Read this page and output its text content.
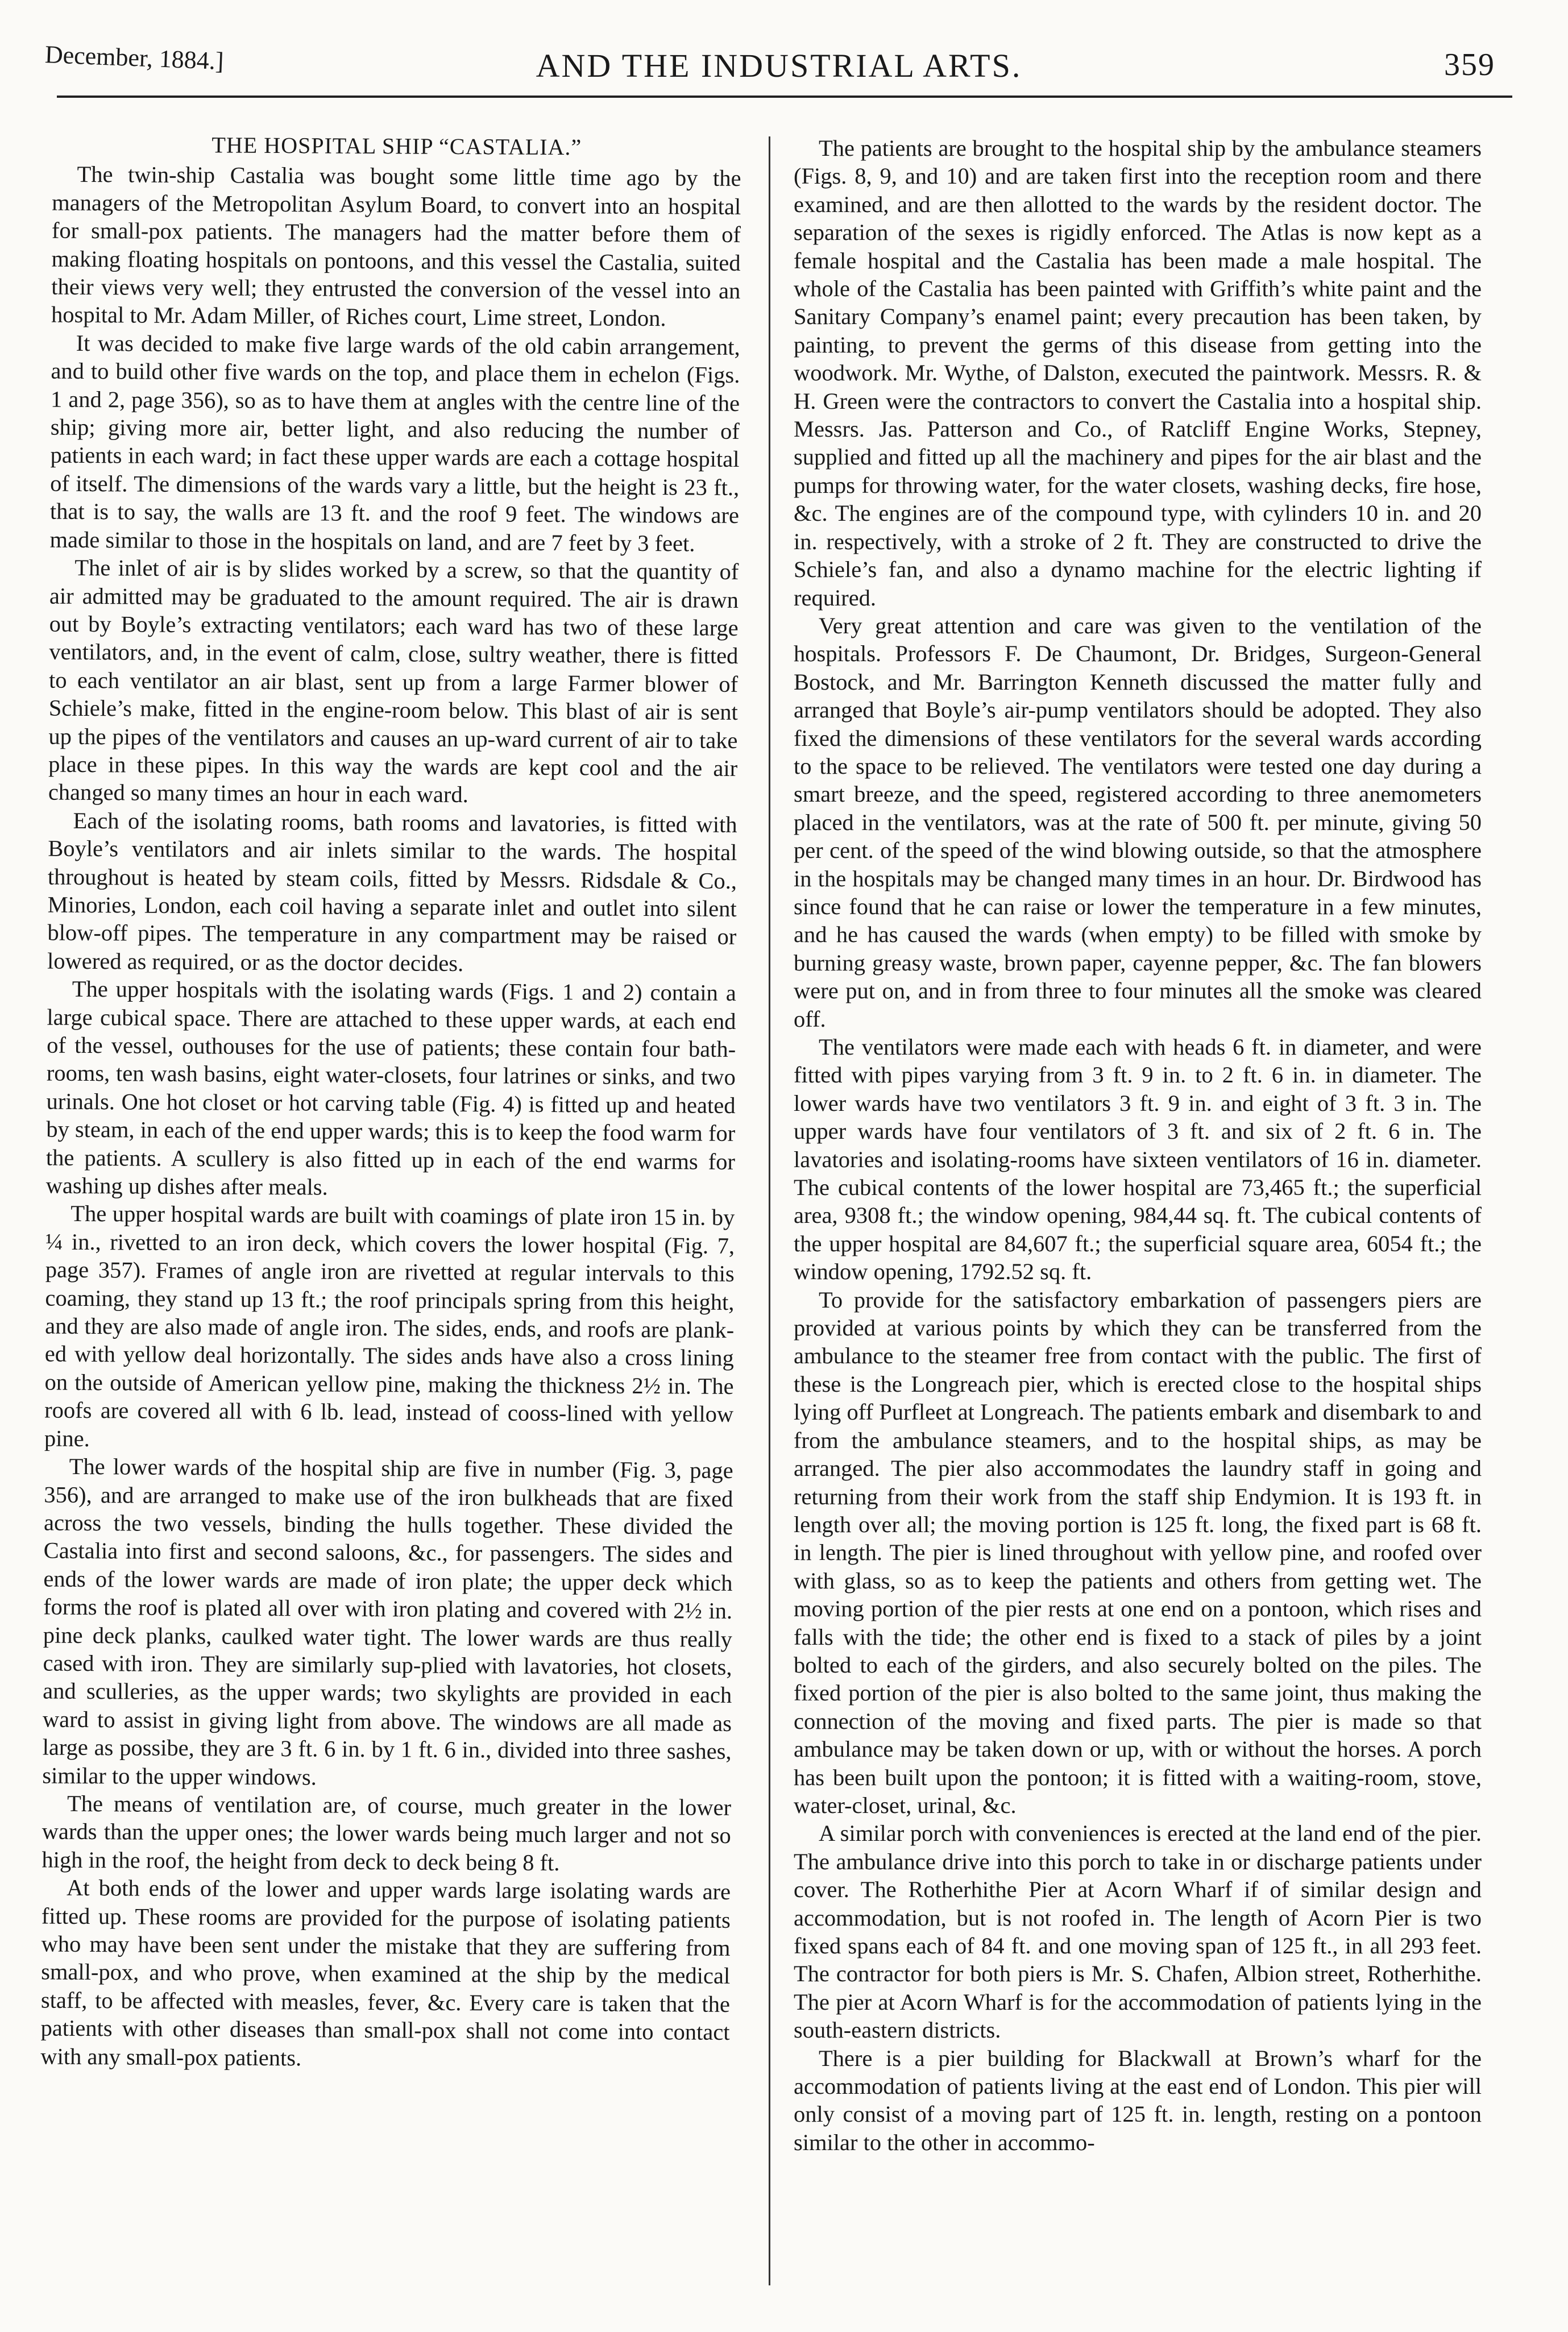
December, 1884.]	AND THE INDUSTRIAL ARTS.	359
THE HOSPITAL SHIP “CASTALIA.”

The twin-ship Castalia was bought some little time ago by the managers of the Metropolitan Asylum Board, to convert into an hospital for small-pox patients. The managers had the matter before them of making floating hospitals on pontoons, and this vessel the Castalia, suited their views very well; they entrusted the conversion of the vessel into an hospital to Mr. Adam Miller, of Riches court, Lime street, London.

It was decided to make five large wards of the old cabin arrangement, and to build other five wards on the top, and place them in echelon (Figs. 1 and 2, page 356), so as to have them at angles with the centre line of the ship; giving more air, better light, and also reducing the number of patients in each ward; in fact these upper wards are each a cottage hospital of itself. The dimensions of the wards vary a little, but the height is 23 ft., that is to say, the walls are 13 ft. and the roof 9 feet. The windows are made similar to those in the hospitals on land, and are 7 feet by 3 feet.

The inlet of air is by slides worked by a screw, so that the quantity of air admitted may be graduated to the amount required. The air is drawn out by Boyle’s extracting ventilators; each ward has two of these large ventilators, and, in the event of calm, close, sultry weather, there is fitted to each ventilator an air blast, sent up from a large Farmer blower of Schiele’s make, fitted in the engine-room below. This blast of air is sent up the pipes of the ventilators and causes an up-ward current of air to take place in these pipes. In this way the wards are kept cool and the air changed so many times an hour in each ward.

Each of the isolating rooms, bath rooms and lavatories, is fitted with Boyle’s ventilators and air inlets similar to the wards. The hospital throughout is heated by steam coils, fitted by Messrs. Ridsdale & Co., Minories, London, each coil having a separate inlet and outlet into silent blow-off pipes. The temperature in any compartment may be raised or lowered as required, or as the doctor decides.

The upper hospitals with the isolating wards (Figs. 1 and 2) contain a large cubical space. There are attached to these upper wards, at each end of the vessel, outhouses for the use of patients; these contain four bath-rooms, ten wash basins, eight water-closets, four latrines or sinks, and two urinals. One hot closet or hot carving table (Fig. 4) is fitted up and heated by steam, in each of the end upper wards; this is to keep the food warm for the patients. A scullery is also fitted up in each of the end warms for washing up dishes after meals.

The upper hospital wards are built with coamings of plate iron 15 in. by ¼ in., rivetted to an iron deck, which covers the lower hospital (Fig. 7, page 357). Frames of angle iron are rivetted at regular intervals to this coaming, they stand up 13 ft.; the roof principals spring from this height, and they are also made of angle iron. The sides, ends, and roofs are plank-ed with yellow deal horizontally. The sides ands have also a cross lining on the outside of American yellow pine, making the thickness 2½ in. The roofs are covered all with 6 lb. lead, instead of cooss-lined with yellow pine.

The lower wards of the hospital ship are five in number (Fig. 3, page 356), and are arranged to make use of the iron bulkheads that are fixed across the two vessels, binding the hulls together. These divided the Castalia into first and second saloons, &c., for passengers. The sides and ends of the lower wards are made of iron plate; the upper deck which forms the roof is plated all over with iron plating and covered with 2½ in. pine deck planks, caulked water tight. The lower wards are thus really cased with iron. They are similarly sup-plied with lavatories, hot closets, and sculleries, as the upper wards; two skylights are provided in each ward to assist in giving light from above. The windows are all made as large as possibe, they are 3 ft. 6 in. by 1 ft. 6 in., divided into three sashes, similar to the upper windows.

The means of ventilation are, of course, much greater in the lower wards than the upper ones; the lower wards being much larger and not so high in the roof, the height from deck to deck being 8 ft.

At both ends of the lower and upper wards large isolating wards are fitted up. These rooms are provided for the purpose of isolating patients who may have been sent under the mistake that they are suffering from small-pox, and who prove, when examined at the ship by the medical staff, to be affected with measles, fever, &c. Every care is taken that the patients with other diseases than small-pox shall not come into contact with any small-pox patients.

The patients are brought to the hospital ship by the ambulance steamers (Figs. 8, 9, and 10) and are taken first into the reception room and there examined, and are then allotted to the wards by the resident doctor. The separation of the sexes is rigidly enforced. The Atlas is now kept as a female hospital and the Castalia has been made a male hospital. The whole of the Castalia has been painted with Griffith’s white paint and the Sanitary Company’s enamel paint; every precaution has been taken, by painting, to prevent the germs of this disease from getting into the woodwork. Mr. Wythe, of Dalston, executed the paintwork. Messrs. R. & H. Green were the contractors to convert the Castalia into a hospital ship. Messrs. Jas. Patterson and Co., of Ratcliff Engine Works, Stepney, supplied and fitted up all the machinery and pipes for the air blast and the pumps for throwing water, for the water closets, washing decks, fire hose, &c. The engines are of the compound type, with cylinders 10 in. and 20 in. respectively, with a stroke of 2 ft. They are constructed to drive the Schiele’s fan, and also a dynamo machine for the electric lighting if required.

Very great attention and care was given to the ventilation of the hospitals. Professors F. De Chaumont, Dr. Bridges, Surgeon-General Bostock, and Mr. Barrington Kenneth discussed the matter fully and arranged that Boyle’s air-pump ventilators should be adopted. They also fixed the dimensions of these ventilators for the several wards according to the space to be relieved. The ventilators were tested one day during a smart breeze, and the speed, registered according to three anemometers placed in the ventilators, was at the rate of 500 ft. per minute, giving 50 per cent. of the speed of the wind blowing outside, so that the atmosphere in the hospitals may be changed many times in an hour. Dr. Birdwood has since found that he can raise or lower the temperature in a few minutes, and he has caused the wards (when empty) to be filled with smoke by burning greasy waste, brown paper, cayenne pepper, &c. The fan blowers were put on, and in from three to four minutes all the smoke was cleared off.

The ventilators were made each with heads 6 ft. in diameter, and were fitted with pipes varying from 3 ft. 9 in. to 2 ft. 6 in. in diameter. The lower wards have two ventilators 3 ft. 9 in. and eight of 3 ft. 3 in. The upper wards have four ventilators of 3 ft. and six of 2 ft. 6 in. The lavatories and isolating-rooms have sixteen ventilators of 16 in. diameter. The cubical contents of the lower hospital are 73,465 ft.; the superficial area, 9308 ft.; the window opening, 984,44 sq. ft. The cubical contents of the upper hospital are 84,607 ft.; the superficial square area, 6054 ft.; the window opening, 1792.52 sq. ft.

To provide for the satisfactory embarkation of passengers piers are provided at various points by which they can be transferred from the ambulance to the steamer free from contact with the public. The first of these is the Longreach pier, which is erected close to the hospital ships lying off Purfleet at Longreach. The patients embark and disembark to and from the ambulance steamers, and to the hospital ships, as may be arranged. The pier also accommodates the laundry staff in going and returning from their work from the staff ship Endymion. It is 193 ft. in length over all; the moving portion is 125 ft. long, the fixed part is 68 ft. in length. The pier is lined throughout with yellow pine, and roofed over with glass, so as to keep the patients and others from getting wet. The moving portion of the pier rests at one end on a pontoon, which rises and falls with the tide; the other end is fixed to a stack of piles by a joint bolted to each of the girders, and also securely bolted on the piles. The fixed portion of the pier is also bolted to the same joint, thus making the connection of the moving and fixed parts. The pier is made so that ambulance may be taken down or up, with or without the horses. A porch has been built upon the pontoon; it is fitted with a waiting-room, stove, water-closet, urinal, &c.

A similar porch with conveniences is erected at the land end of the pier. The ambulance drive into this porch to take in or discharge patients under cover. The Rotherhithe Pier at Acorn Wharf if of similar design and accommodation, but is not roofed in. The length of Acorn Pier is two fixed spans each of 84 ft. and one moving span of 125 ft., in all 293 feet. The contractor for both piers is Mr. S. Chafen, Albion street, Rotherhithe. The pier at Acorn Wharf is for the accommodation of patients lying in the south-eastern districts.

There is a pier building for Blackwall at Brown’s wharf for the accommodation of patients living at the east end of London. This pier will only consist of a moving part of 125 ft. in. length, resting on a pontoon similar to the other in accommo-
